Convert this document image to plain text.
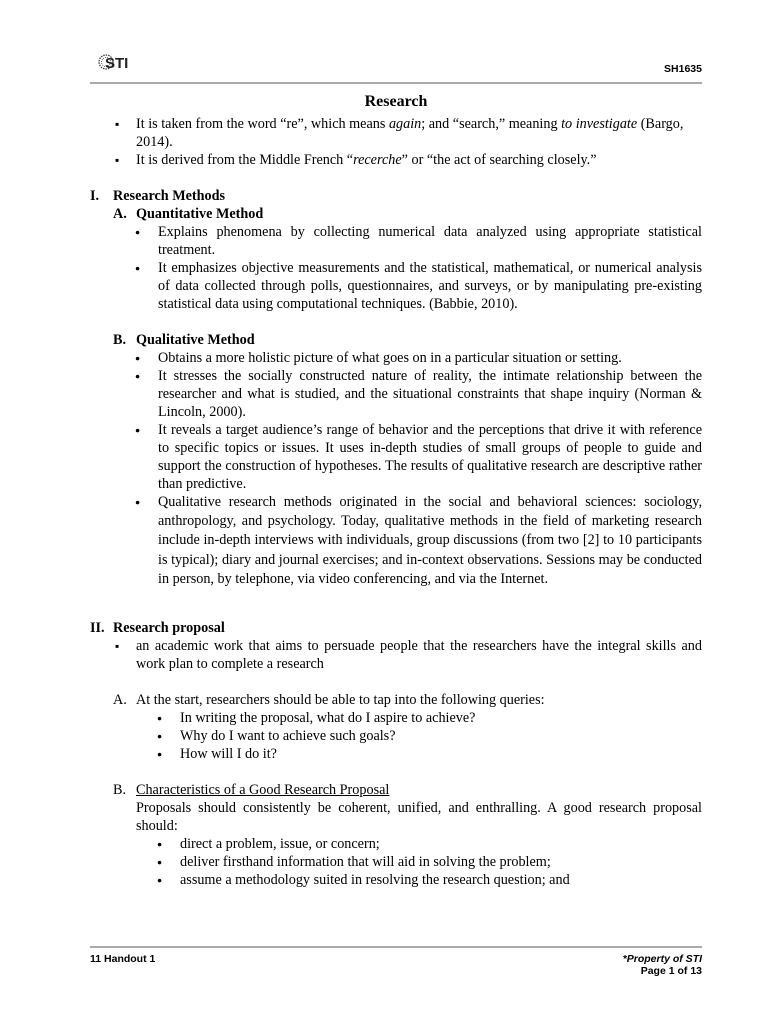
STI	SH1635
Research
▪ It is taken from the word “re”, which means again; and “search,” meaning to investigate (Bargo, 2014).
▪ It is derived from the Middle French “recerche” or “the act of searching closely.”
I. Research Methods
A. Quantitative Method
● Explains phenomena by collecting numerical data analyzed using appropriate statistical treatment.
● It emphasizes objective measurements and the statistical, mathematical, or numerical analysis of data collected through polls, questionnaires, and surveys, or by manipulating pre-existing statistical data using computational techniques. (Babbie, 2010).
B. Qualitative Method
● Obtains a more holistic picture of what goes on in a particular situation or setting.
● It stresses the socially constructed nature of reality, the intimate relationship between the researcher and what is studied, and the situational constraints that shape inquiry (Norman & Lincoln, 2000).
● It reveals a target audience’s range of behavior and the perceptions that drive it with reference to specific topics or issues. It uses in-depth studies of small groups of people to guide and support the construction of hypotheses. The results of qualitative research are descriptive rather than predictive.
● Qualitative research methods originated in the social and behavioral sciences: sociology, anthropology, and psychology. Today, qualitative methods in the field of marketing research include in-depth interviews with individuals, group discussions (from two [2] to 10 participants is typical); diary and journal exercises; and in-context observations. Sessions may be conducted in person, by telephone, via video conferencing, and via the Internet.
II. Research proposal
▪ an academic work that aims to persuade people that the researchers have the integral skills and work plan to complete a research
A. At the start, researchers should be able to tap into the following queries:
● In writing the proposal, what do I aspire to achieve?
● Why do I want to achieve such goals?
● How will I do it?
B. Characteristics of a Good Research Proposal
Proposals should consistently be coherent, unified, and enthralling. A good research proposal should:
● direct a problem, issue, or concern;
● deliver firsthand information that will aid in solving the problem;
● assume a methodology suited in resolving the research question; and
11 Handout 1	*Property of STI
Page 1 of 13
